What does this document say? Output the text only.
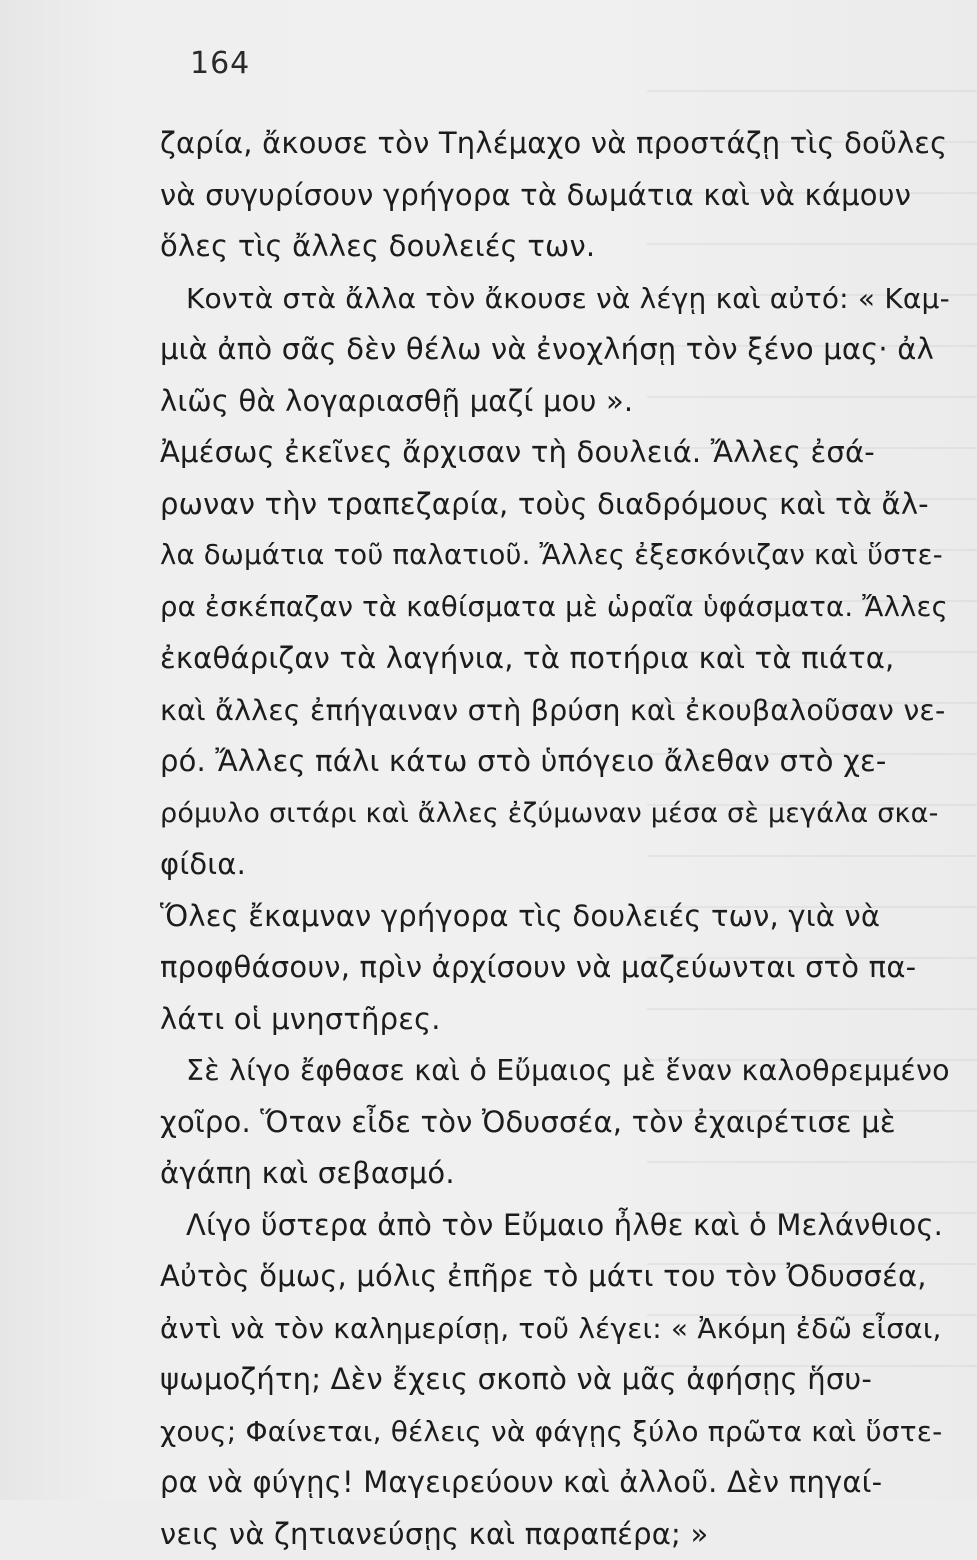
164
ζαρία, ἄκουσε τὸν Τηλέμαχο νὰ προστάζῃ τὶς δοῦλες
νὰ συγυρίσουν γρήγορα τὰ δωμάτια καὶ νὰ κάμουν
ὅλες τὶς ἄλλες δουλειές των.
Κοντὰ στὰ ἄλλα τὸν ἄκουσε νὰ λέγῃ καὶ αὐτό: « Καμ-
μιὰ ἀπὸ σᾶς δὲν θέλω νὰ ἐνοχλήσῃ τὸν ξένο μας· ἀλ
λιῶς θὰ λογαριασθῇ μαζί μου ».
Ἀμέσως ἐκεῖνες ἄρχισαν τὴ δουλειά. Ἄλλες ἐσά-
ρωναν τὴν τραπεζαρία, τοὺς διαδρόμους καὶ τὰ ἄλ-
λα δωμάτια τοῦ παλατιοῦ. Ἄλλες ἐξεσκόνιζαν καὶ ὕστε-
ρα ἐσκέπαζαν τὰ καθίσματα μὲ ὡραῖα ὑφάσματα. Ἄλλες
ἐκαθάριζαν τὰ λαγήνια, τὰ ποτήρια καὶ τὰ πιάτα,
καὶ ἄλλες ἐπήγαιναν στὴ βρύση καὶ ἐκουβαλοῦσαν νε-
ρό. Ἄλλες πάλι κάτω στὸ ὑπόγειο ἄλεθαν στὸ χε-
ρόμυλο σιτάρι καὶ ἄλλες ἐζύμωναν μέσα σὲ μεγάλα σκα-
φίδια.
Ὅλες ἔκαμναν γρήγορα τὶς δουλειές των, γιὰ νὰ
προφθάσουν, πρὶν ἀρχίσουν νὰ μαζεύωνται στὸ πα-
λάτι οἱ μνηστῆρες.
Σὲ λίγο ἔφθασε καὶ ὁ Εὔμαιος μὲ ἕναν καλοθρεμμένο
χοῖρο. Ὅταν εἶδε τὸν Ὀδυσσέα, τὸν ἐχαιρέτισε μὲ
ἀγάπη καὶ σεβασμό.
Λίγο ὕστερα ἀπὸ τὸν Εὔμαιο ἦλθε καὶ ὁ Μελάνθιος.
Αὐτὸς ὅμως, μόλις ἐπῆρε τὸ μάτι του τὸν Ὀδυσσέα,
ἀντὶ νὰ τὸν καλημερίσῃ, τοῦ λέγει: « Ἀκόμη ἐδῶ εἶσαι,
ψωμοζήτη; Δὲν ἔχεις σκοπὸ νὰ μᾶς ἀφήσῃς ἥσυ-
χους; Φαίνεται, θέλεις νὰ φάγῃς ξύλο πρῶτα καὶ ὕστε-
ρα νὰ φύγῃς! Μαγειρεύουν καὶ ἀλλοῦ. Δὲν πηγαί-
νεις νὰ ζητιανεύσῃς καὶ παραπέρα; »
